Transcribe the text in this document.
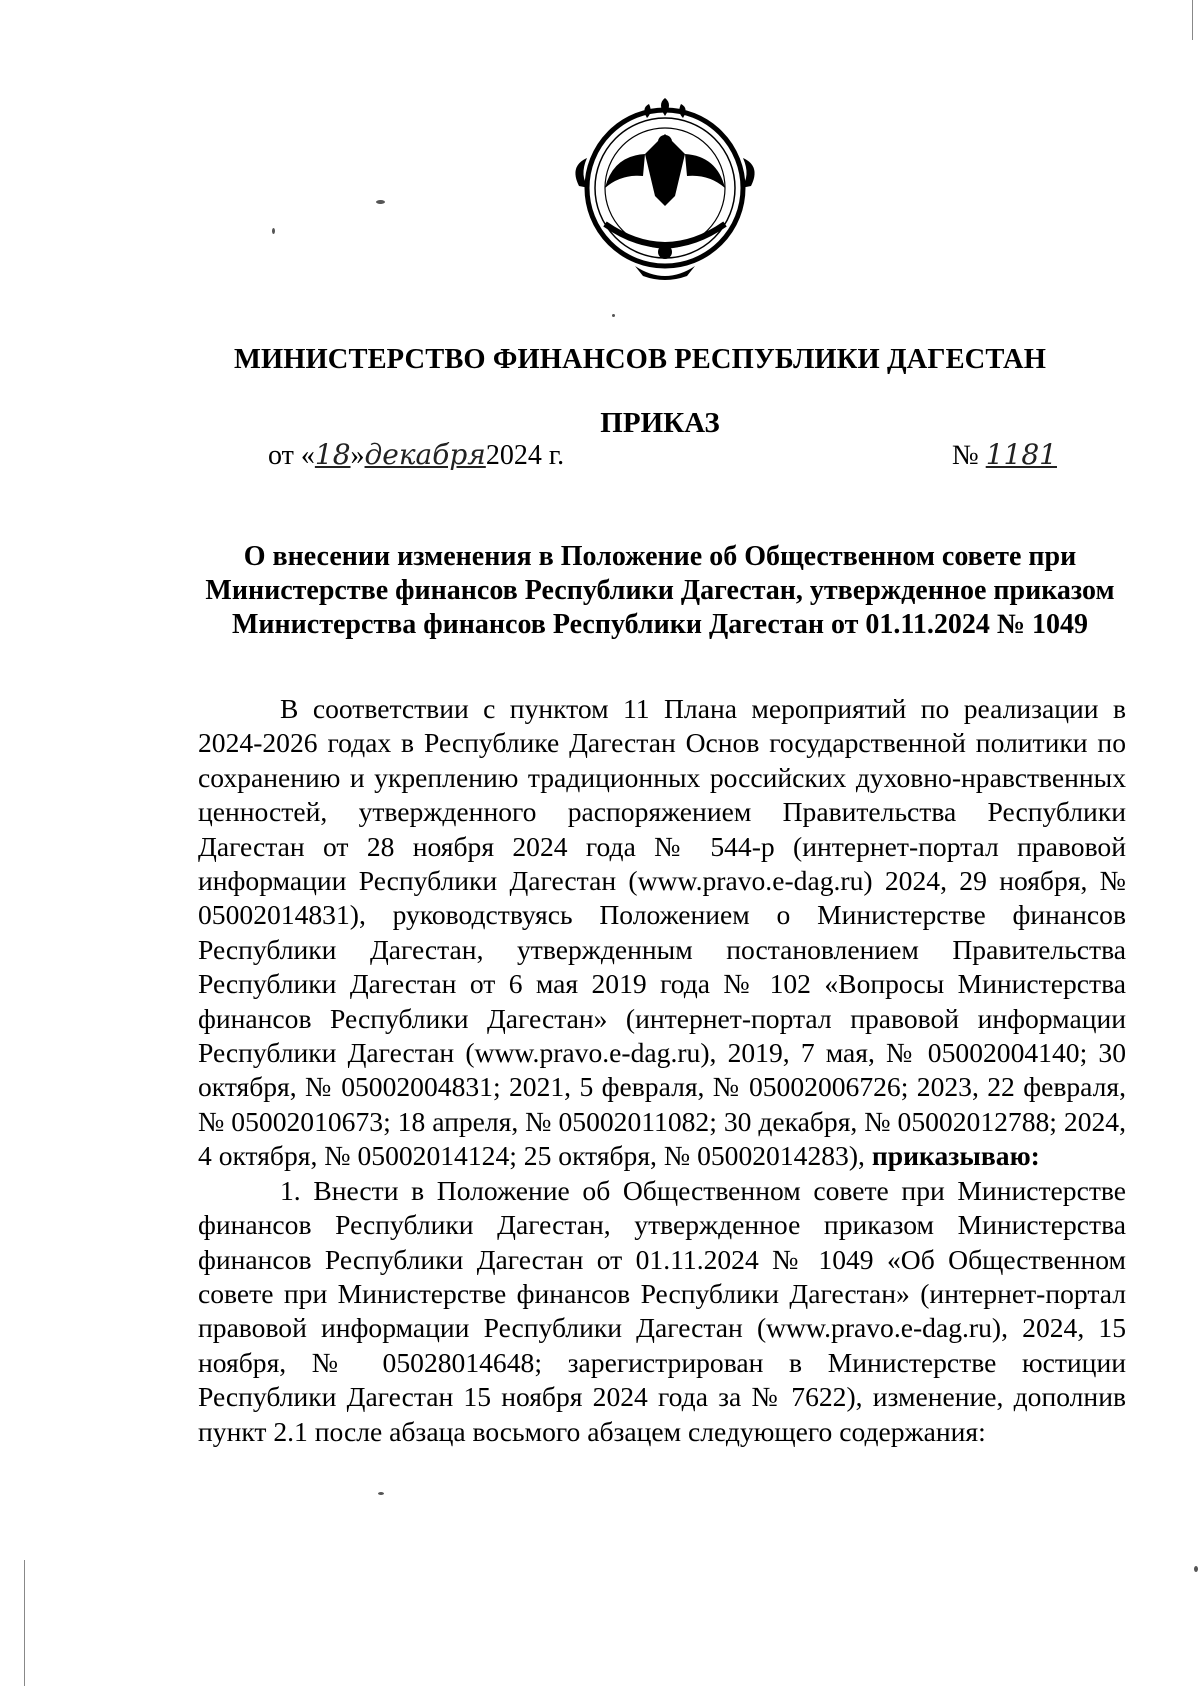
МИНИСТЕРСТВО ФИНАНСОВ РЕСПУБЛИКИ ДАГЕСТАН
ПРИКАЗ
от «18»декабря2024 г.	№ 1181
О внесении изменения в Положение об Общественном совете при Министерстве финансов Республики Дагестан, утвержденное приказом Министерства финансов Республики Дагестан от 01.11.2024 № 1049

В соответствии с пунктом 11 Плана мероприятий по реализации в 2024-2026 годах в Республике Дагестан Основ государственной политики по сохранению и укреплению традиционных российских духовно-нравственных ценностей, утвержденного распоряжением Правительства Республики Дагестан от 28 ноября 2024 года № 544-р (интернет-портал правовой информации Республики Дагестан (www.pravo.e-dag.ru) 2024, 29 ноября, № 05002014831), руководствуясь Положением о Министерстве финансов Республики Дагестан, утвержденным постановлением Правительства Республики Дагестан от 6 мая 2019 года № 102 «Вопросы Министерства финансов Республики Дагестан» (интернет-портал правовой информации Республики Дагестан (www.pravo.e-dag.ru), 2019, 7 мая, № 05002004140; 30 октября, № 05002004831; 2021, 5 февраля, № 05002006726; 2023, 22 февраля, № 05002010673; 18 апреля, № 05002011082; 30 декабря, № 05002012788; 2024, 4 октября, № 05002014124; 25 октября, № 05002014283), приказываю:

1. Внести в Положение об Общественном совете при Министерстве финансов Республики Дагестан, утвержденное приказом Министерства финансов Республики Дагестан от 01.11.2024 № 1049 «Об Общественном совете при Министерстве финансов Республики Дагестан» (интернет-портал правовой информации Республики Дагестан (www.pravo.e-dag.ru), 2024, 15 ноября, № 05028014648; зарегистрирован в Министерстве юстиции Республики Дагестан 15 ноября 2024 года за № 7622), изменение, дополнив пункт 2.1 после абзаца восьмого абзацем следующего содержания:
